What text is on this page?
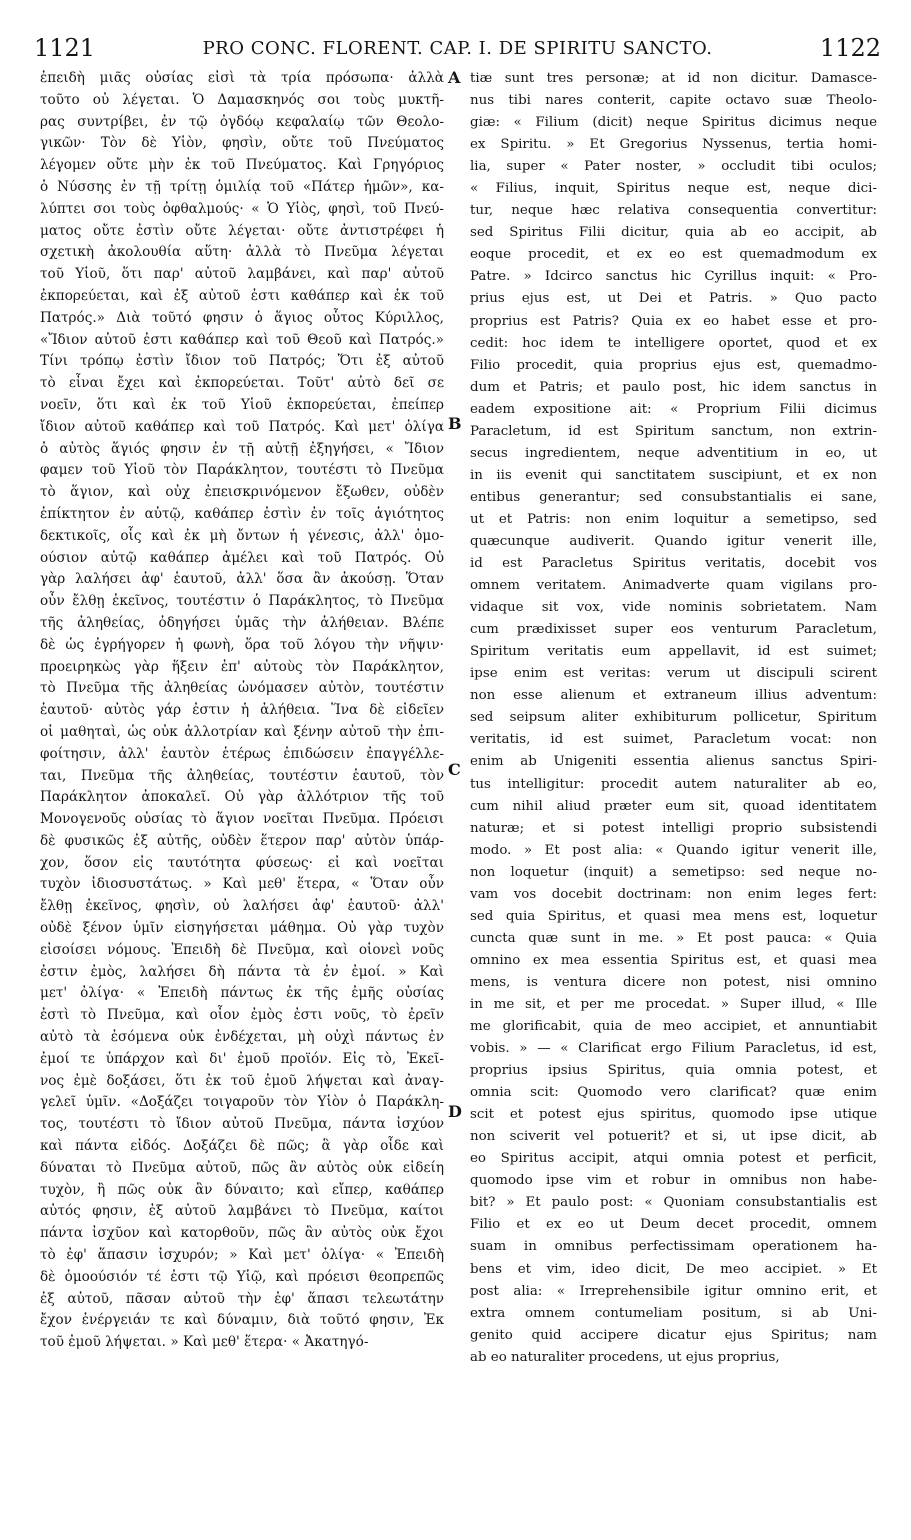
1121	PRO CONC. FLORENT. CAP. I. DE SPIRITU SANCTO.	1122
ἐπειδὴ μιᾶς οὐσίας εἰσὶ τὰ τρία πρόσωπα· ἀλλὰ
τοῦτο οὐ λέγεται. Ὁ Δαμασκηνός σοι τοὺς μυκτῆ-
ρας συντρίβει, ἐν τῷ ὀγδόῳ κεφαλαίῳ τῶν Θεολο-
γικῶν· Τὸν δὲ Υἱὸν, φησὶν, οὔτε τοῦ Πνεύματος
λέγομεν οὔτε μὴν ἐκ τοῦ Πνεύματος. Καὶ Γρηγόριος
ὁ Νύσσης ἐν τῇ τρίτῃ ὁμιλίᾳ τοῦ «Πάτερ ἡμῶν», κα-
λύπτει σοι τοὺς ὀφθαλμούς· « Ὁ Υἱὸς, φησὶ, τοῦ Πνεύ-
ματος οὔτε ἐστὶν οὔτε λέγεται· οὔτε ἀντιστρέφει ἡ
σχετικὴ ἀκολουθία αὕτη· ἀλλὰ τὸ Πνεῦμα λέγεται
τοῦ Υἱοῦ, ὅτι παρ' αὐτοῦ λαμβάνει, καὶ παρ' αὐτοῦ
ἐκπορεύεται, καὶ ἐξ αὐτοῦ ἐστι καθάπερ καὶ ἐκ τοῦ
Πατρός.» Διὰ τοῦτό φησιν ὁ ἅγιος οὗτος Κύριλλος,
«Ἴδιον αὐτοῦ ἐστι καθάπερ καὶ τοῦ Θεοῦ καὶ Πατρός.»
Τίνι τρόπῳ ἐστὶν ἴδιον τοῦ Πατρός; Ὅτι ἐξ αὐτοῦ
τὸ εἶναι ἔχει καὶ ἐκπορεύεται. Τοῦτ' αὐτὸ δεῖ σε
νοεῖν, ὅτι καὶ ἐκ τοῦ Υἱοῦ ἐκπορεύεται, ἐπείπερ
ἴδιον αὐτοῦ καθάπερ καὶ τοῦ Πατρός. Καὶ μετ' ὀλίγα
ὁ αὐτὸς ἅγιός φησιν ἐν τῇ αὐτῇ ἐξηγήσει, « Ἴδιον
φαμεν τοῦ Υἱοῦ τὸν Παράκλητον, τουτέστι τὸ Πνεῦμα
τὸ ἅγιον, καὶ οὐχ ἐπεισκρινόμενον ἔξωθεν, οὐδὲν
ἐπίκτητον ἐν αὐτῷ, καθάπερ ἐστὶν ἐν τοῖς ἁγιότητος
δεκτικοῖς, οἷς καὶ ἐκ μὴ ὄντων ἡ γένεσις, ἀλλ' ὁμο-
ούσιον αὐτῷ καθάπερ ἀμέλει καὶ τοῦ Πατρός. Οὐ
γὰρ λαλήσει ἀφ' ἑαυτοῦ, ἀλλ' ὅσα ἂν ἀκούσῃ. Ὅταν
οὖν ἔλθῃ ἐκεῖνος, τουτέστιν ὁ Παράκλητος, τὸ Πνεῦμα
τῆς ἀληθείας, ὁδηγήσει ὑμᾶς τὴν ἀλήθειαν. Βλέπε
δὲ ὡς ἐγρήγορεν ἡ φωνὴ, ὅρα τοῦ λόγου τὴν νῆψιν·
προειρηκὼς γὰρ ἥξειν ἐπ' αὐτοὺς τὸν Παράκλητον,
τὸ Πνεῦμα τῆς ἀληθείας ὠνόμασεν αὐτὸν, τουτέστιν
ἑαυτοῦ· αὐτὸς γάρ ἐστιν ἡ ἀλήθεια. Ἵνα δὲ εἰδεῖεν
οἱ μαθηταὶ, ὡς οὐκ ἀλλοτρίαν καὶ ξένην αὐτοῦ τὴν ἐπι-
φοίτησιν, ἀλλ' ἑαυτὸν ἑτέρως ἐπιδώσειν ἐπαγγέλλε-
ται, Πνεῦμα τῆς ἀληθείας, τουτέστιν ἑαυτοῦ, τὸν
Παράκλητον ἀποκαλεῖ. Οὐ γὰρ ἀλλότριον τῆς τοῦ
Μονογενοῦς οὐσίας τὸ ἅγιον νοεῖται Πνεῦμα. Πρόεισι
δὲ φυσικῶς ἐξ αὐτῆς, οὐδὲν ἕτερον παρ' αὐτὸν ὑπάρ-
χον, ὅσον εἰς ταυτότητα φύσεως· εἰ καὶ νοεῖται
τυχὸν ἰδιοσυστάτως. » Καὶ μεθ' ἕτερα, « Ὅταν οὖν
ἔλθῃ ἐκεῖνος, φησὶν, οὐ λαλήσει ἀφ' ἑαυτοῦ· ἀλλ'
οὐδὲ ξένον ὑμῖν εἰσηγήσεται μάθημα. Οὐ γὰρ τυχὸν
εἰσοίσει νόμους. Ἐπειδὴ δὲ Πνεῦμα, καὶ οἱονεὶ νοῦς
ἐστιν ἐμὸς, λαλήσει δὴ πάντα τὰ ἐν ἐμοί. » Καὶ
μετ' ὀλίγα· « Ἐπειδὴ πάντως ἐκ τῆς ἐμῆς οὐσίας
ἐστὶ τὸ Πνεῦμα, καὶ οἷον ἐμὸς ἐστι νοῦς, τὸ ἐρεῖν
αὐτὸ τὰ ἐσόμενα οὐκ ἐνδέχεται, μὴ οὐχὶ πάντως ἐν
ἐμοί τε ὑπάρχον καὶ δι' ἐμοῦ προϊόν. Εἰς τὸ, Ἐκεῖ-
νος ἐμὲ δοξάσει, ὅτι ἐκ τοῦ ἐμοῦ λήψεται καὶ ἀναγ-
γελεῖ ὑμῖν. «Δοξάζει τοιγαροῦν τὸν Υἱὸν ὁ Παράκλη-
τος, τουτέστι τὸ ἴδιον αὐτοῦ Πνεῦμα, πάντα ἰσχύον
καὶ πάντα εἰδός. Δοξάζει δὲ πῶς; ἃ γὰρ οἶδε καὶ
δύναται τὸ Πνεῦμα αὐτοῦ, πῶς ἂν αὐτὸς οὐκ εἰδείη
τυχὸν, ἢ πῶς οὐκ ἂν δύναιτο; καὶ εἴπερ, καθάπερ
αὐτός φησιν, ἐξ αὐτοῦ λαμβάνει τὸ Πνεῦμα, καίτοι
πάντα ἰσχῦον καὶ κατορθοῦν, πῶς ἂν αὐτὸς οὐκ ἔχοι
τὸ ἐφ' ἅπασιν ἰσχυρόν; » Καὶ μετ' ὀλίγα· « Ἐπειδὴ
δὲ ὁμοούσιόν τέ ἐστι τῷ Υἱῷ, καὶ πρόεισι θεοπρεπῶς
ἐξ αὐτοῦ, πᾶσαν αὐτοῦ τὴν ἐφ' ἅπασι τελεωτάτην
ἔχον ἐνέργειάν τε καὶ δύναμιν, διὰ τοῦτό φησιν, Ἐκ
τοῦ ἐμοῦ λήψεται. » Καὶ μεθ' ἕτερα· « Ἀκατηγό-
A
B
C
D
tiæ sunt tres personæ; at id non dicitur. Damasce-
nus tibi nares conterit, capite octavo suæ Theolo-
giæ: « Filium (dicit) neque Spiritus dicimus neque
ex Spiritu. » Et Gregorius Nyssenus, tertia homi-
lia, super « Pater noster, » occludit tibi oculos;
« Filius, inquit, Spiritus neque est, neque dici-
tur, neque hæc relativa consequentia convertitur:
sed Spiritus Filii dicitur, quia ab eo accipit, ab
eoque procedit, et ex eo est quemadmodum ex
Patre. » Idcirco sanctus hic Cyrillus inquit: « Pro-
prius ejus est, ut Dei et Patris. » Quo pacto
proprius est Patris? Quia ex eo habet esse et pro-
cedit: hoc idem te intelligere oportet, quod et ex
Filio procedit, quia proprius ejus est, quemadmo-
dum et Patris; et paulo post, hic idem sanctus in
eadem expositione ait: « Proprium Filii dicimus
Paracletum, id est Spiritum sanctum, non extrin-
secus ingredientem, neque adventitium in eo, ut
in iis evenit qui sanctitatem suscipiunt, et ex non
entibus generantur; sed consubstantialis ei sane,
ut et Patris: non enim loquitur a semetipso, sed
quæcunque audiverit. Quando igitur venerit ille,
id est Paracletus Spiritus veritatis, docebit vos
omnem veritatem. Animadverte quam vigilans pro-
vidaque sit vox, vide nominis sobrietatem. Nam
cum prædixisset super eos venturum Paracletum,
Spiritum veritatis eum appellavit, id est suimet;
ipse enim est veritas: verum ut discipuli scirent
non esse alienum et extraneum illius adventum:
sed seipsum aliter exhibiturum pollicetur, Spiritum
veritatis, id est suimet, Paracletum vocat: non
enim ab Unigeniti essentia alienus sanctus Spiri-
tus intelligitur: procedit autem naturaliter ab eo,
cum nihil aliud præter eum sit, quoad identitatem
naturæ; et si potest intelligi proprio subsistendi
modo. » Et post alia: « Quando igitur venerit ille,
non loquetur (inquit) a semetipso: sed neque no-
vam vos docebit doctrinam: non enim leges fert:
sed quia Spiritus, et quasi mea mens est, loquetur
cuncta quæ sunt in me. » Et post pauca: « Quia
omnino ex mea essentia Spiritus est, et quasi mea
mens, is ventura dicere non potest, nisi omnino
in me sit, et per me procedat. » Super illud, « Ille
me glorificabit, quia de meo accipiet, et annuntiabit
vobis. » — « Clarificat ergo Filium Paracletus, id est,
proprius ipsius Spiritus, quia omnia potest, et
omnia scit: Quomodo vero clarificat? quæ enim
scit et potest ejus spiritus, quomodo ipse utique
non sciverit vel potuerit? et si, ut ipse dicit, ab
eo Spiritus accipit, atqui omnia potest et perficit,
quomodo ipse vim et robur in omnibus non habe-
bit? » Et paulo post: « Quoniam consubstantialis est
Filio et ex eo ut Deum decet procedit, omnem
suam in omnibus perfectissimam operationem ha-
bens et vim, ideo dicit, De meo accipiet. » Et
post alia: « Irreprehensibile igitur omnino erit, et
extra omnem contumeliam positum, si ab Uni-
genito quid accipere dicatur ejus Spiritus; nam
ab eo naturaliter procedens, ut ejus proprius,
